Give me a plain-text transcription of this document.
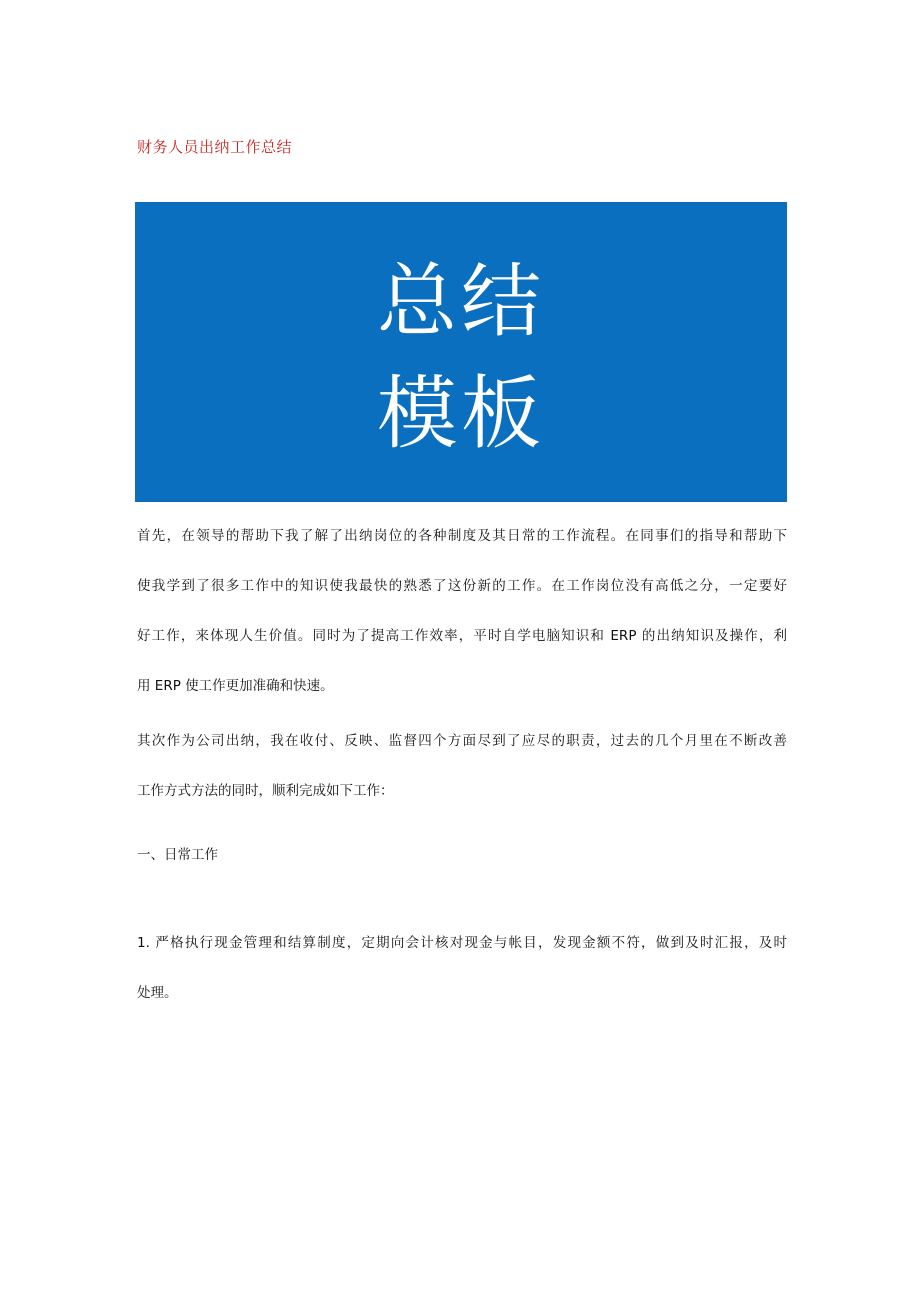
财务人员出纳工作总结
总结
模板
首先，在领导的帮助下我了解了出纳岗位的各种制度及其日常的工作流程。在同事们的指导和帮助下
使我学到了很多工作中的知识使我最快的熟悉了这份新的工作。在工作岗位没有高低之分，一定要好
好工作，来体现人生价值。同时为了提高工作效率，平时自学电脑知识和 ERP 的出纳知识及操作，利
用 ERP 使工作更加准确和快速。
其次作为公司出纳，我在收付、反映、监督四个方面尽到了应尽的职责，过去的几个月里在不断改善
工作方式方法的同时，顺利完成如下工作：
一、日常工作
1. 严格执行现金管理和结算制度，定期向会计核对现金与帐目，发现金额不符，做到及时汇报，及时
处理。
